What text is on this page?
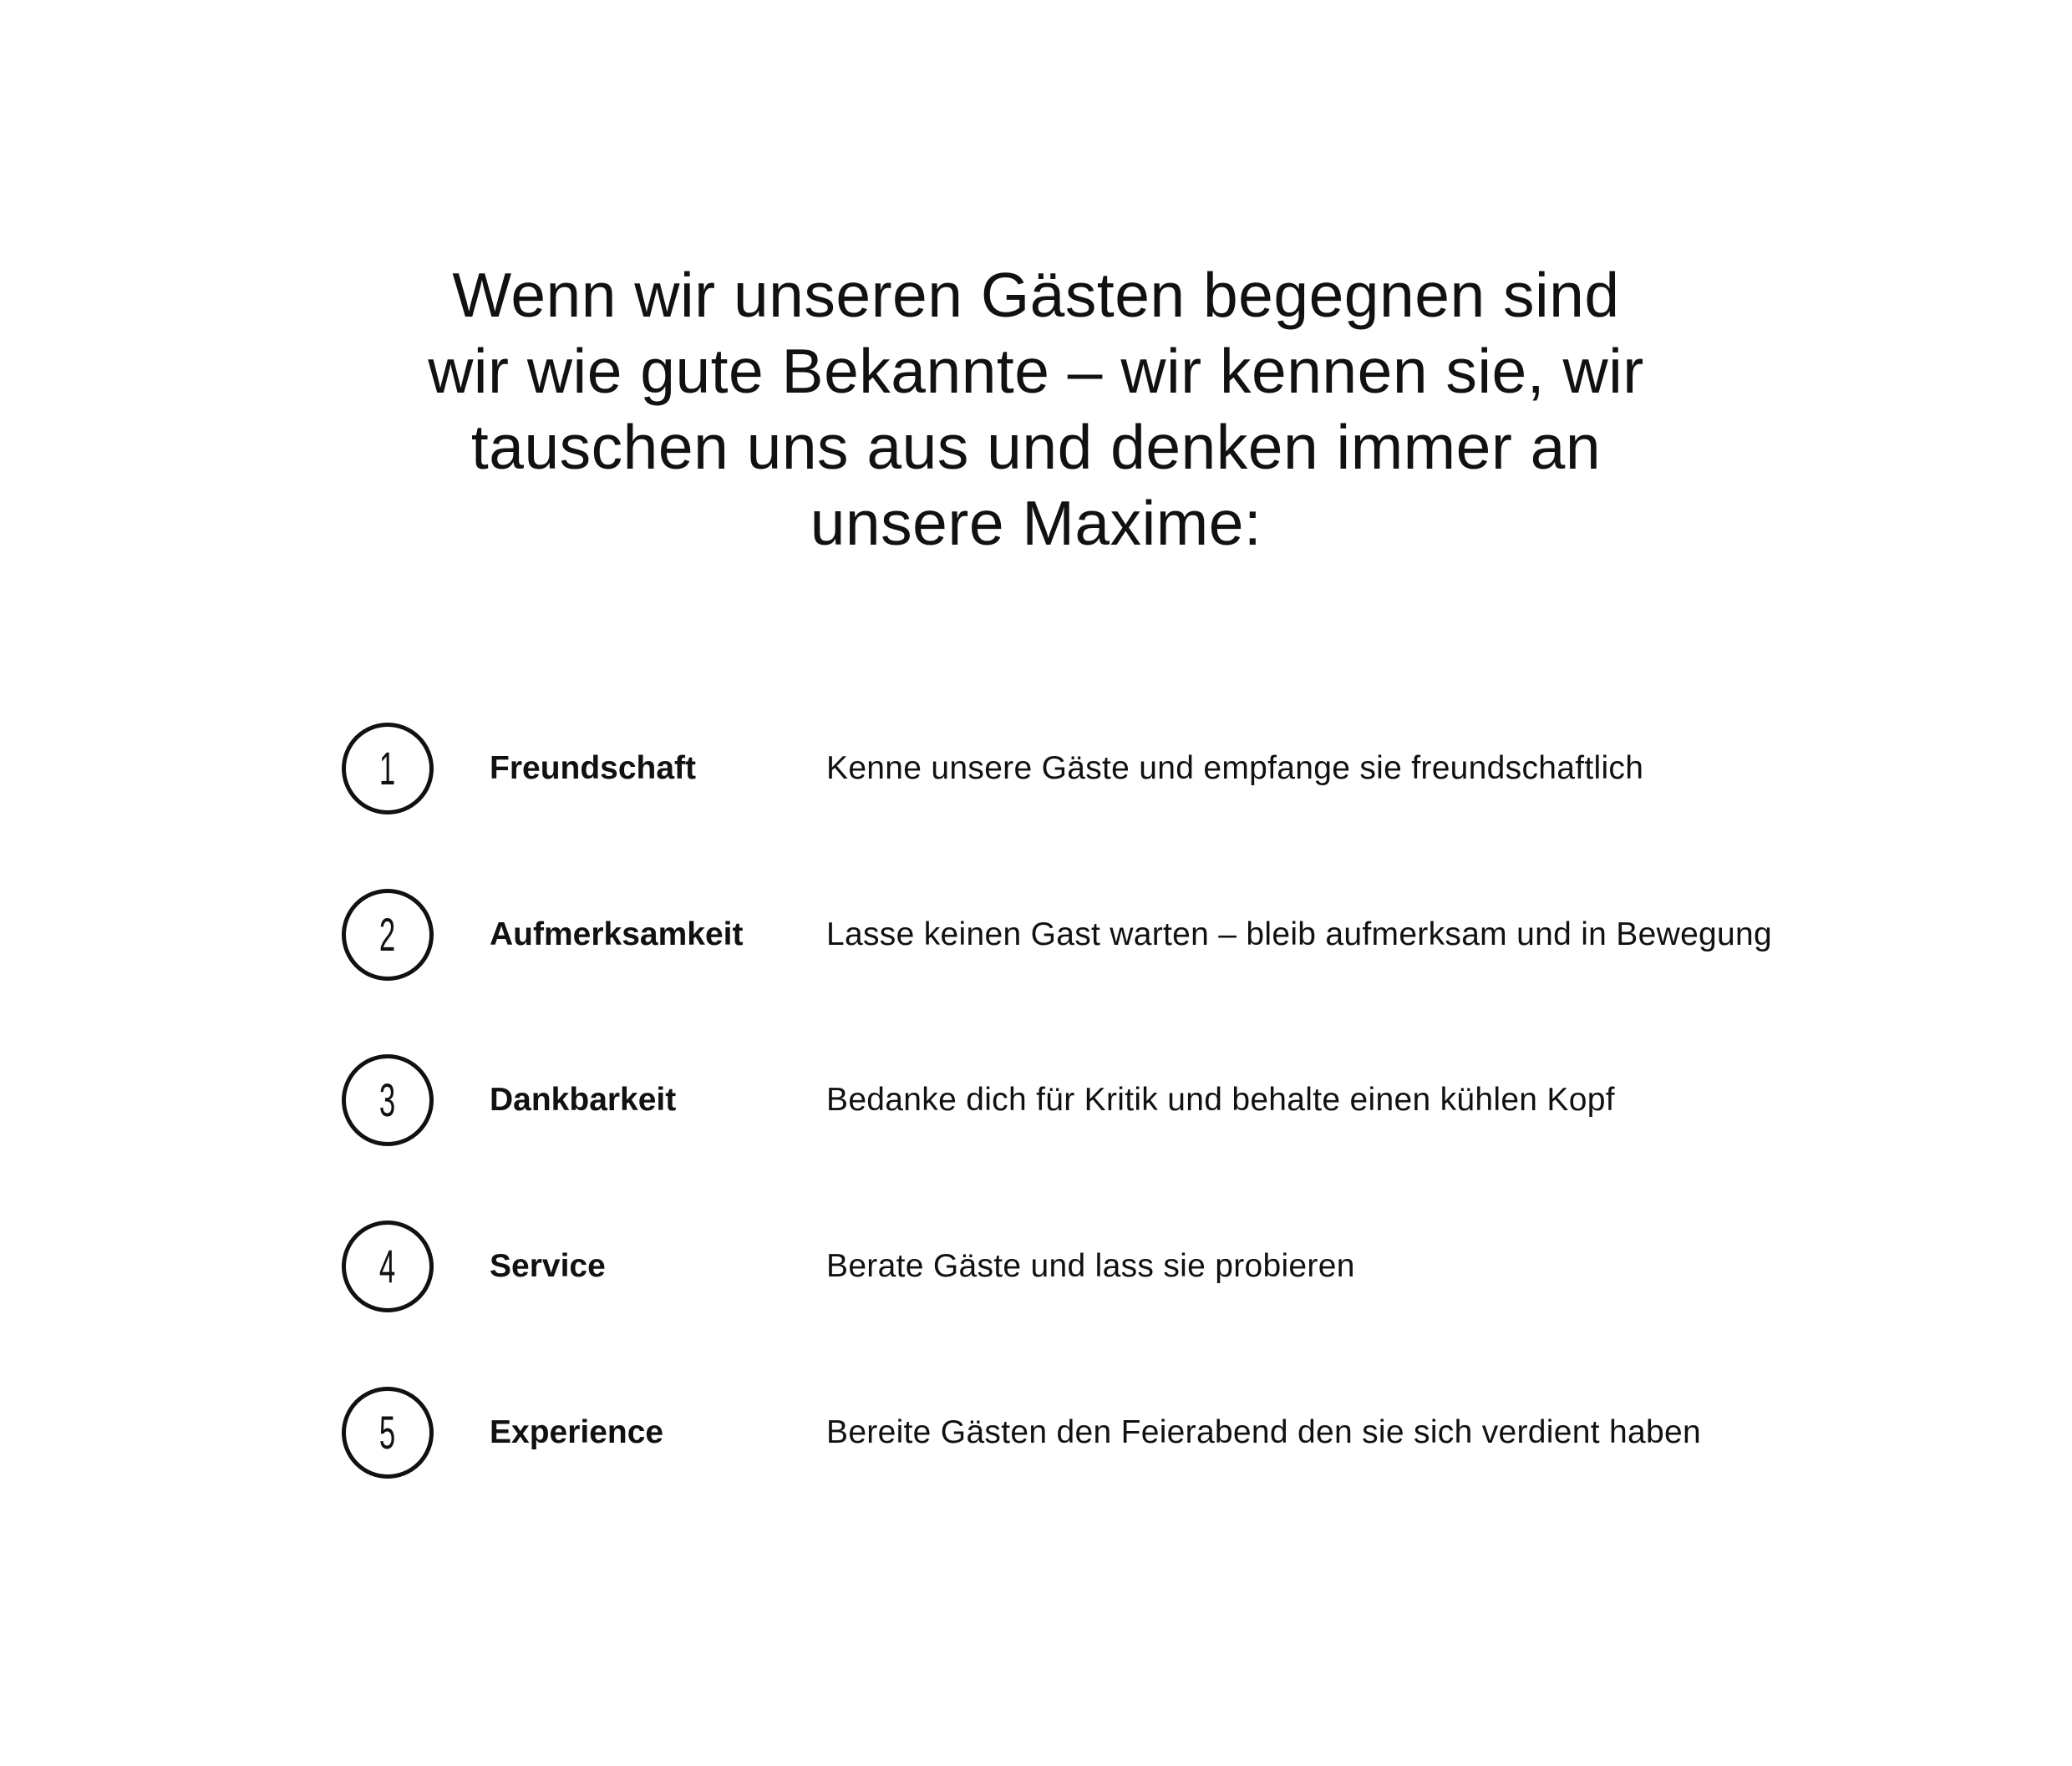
Wenn wir unseren Gästen begegnen sind
wir wie gute Bekannte – wir kennen sie, wir
tauschen uns aus und denken immer an
unsere Maxime:
1	Freundschaft	Kenne unsere Gäste und empfange sie freundschaftlich
2	Aufmerksamkeit	Lasse keinen Gast warten – bleib aufmerksam und in Bewegung
3	Dankbarkeit	Bedanke dich für Kritik und behalte einen kühlen Kopf
4	Service	Berate Gäste und lass sie probieren
5	Experience	Bereite Gästen den Feierabend den sie sich verdient haben
